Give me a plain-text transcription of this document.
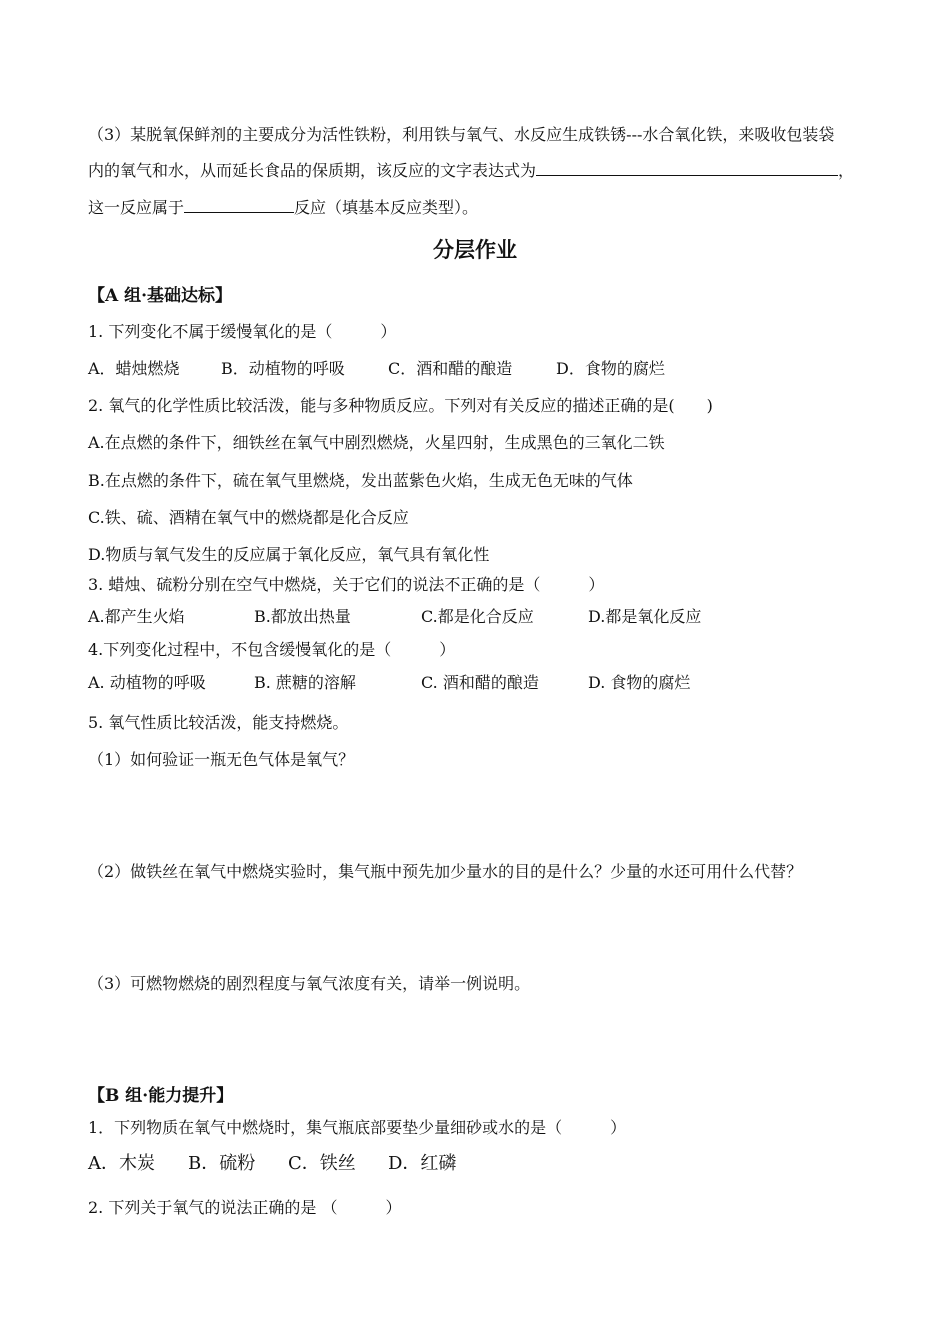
（3）某脱氧保鲜剂的主要成分为活性铁粉，利用铁与氧气、水反应生成铁锈---水合氧化铁，来吸收包装袋
内的氧气和水，从而延长食品的保质期，该反应的文字表达式为	，
这一反应属于	反应（填基本反应类型）。
分层作业
【A 组·基础达标】
1. 下列变化不属于缓慢氧化的是（　　　）
A．蜡烛燃烧	B．动植物的呼吸	C．酒和醋的酿造	D．食物的腐烂
2. 氧气的化学性质比较活泼，能与多种物质反应。下列对有关反应的描述正确的是(　　)
A.在点燃的条件下，细铁丝在氧气中剧烈燃烧，火星四射，生成黑色的三氧化二铁
B.在点燃的条件下，硫在氧气里燃烧，发出蓝紫色火焰，生成无色无味的气体
C.铁、硫、酒精在氧气中的燃烧都是化合反应
D.物质与氧气发生的反应属于氧化反应，氧气具有氧化性
3. 蜡烛、硫粉分别在空气中燃烧，关于它们的说法不正确的是（　　　）
A.都产生火焰	B.都放出热量	C.都是化合反应	D.都是氧化反应
4.下列变化过程中，不包含缓慢氧化的是（　　　）
A. 动植物的呼吸	B. 蔗糖的溶解	C. 酒和醋的酿造	D. 食物的腐烂
5. 氧气性质比较活泼，能支持燃烧。
（1）如何验证一瓶无色气体是氧气？
（2）做铁丝在氧气中燃烧实验时，集气瓶中预先加少量水的目的是什么？少量的水还可用什么代替？
（3）可燃物燃烧的剧烈程度与氧气浓度有关，请举一例说明。
【B 组·能力提升】
1．下列物质在氧气中燃烧时，集气瓶底部要垫少量细砂或水的是（　　　）
A．木炭 B．硫粉 C．铁丝 D．红磷
2. 下列关于氧气的说法正确的是 （　　　）
